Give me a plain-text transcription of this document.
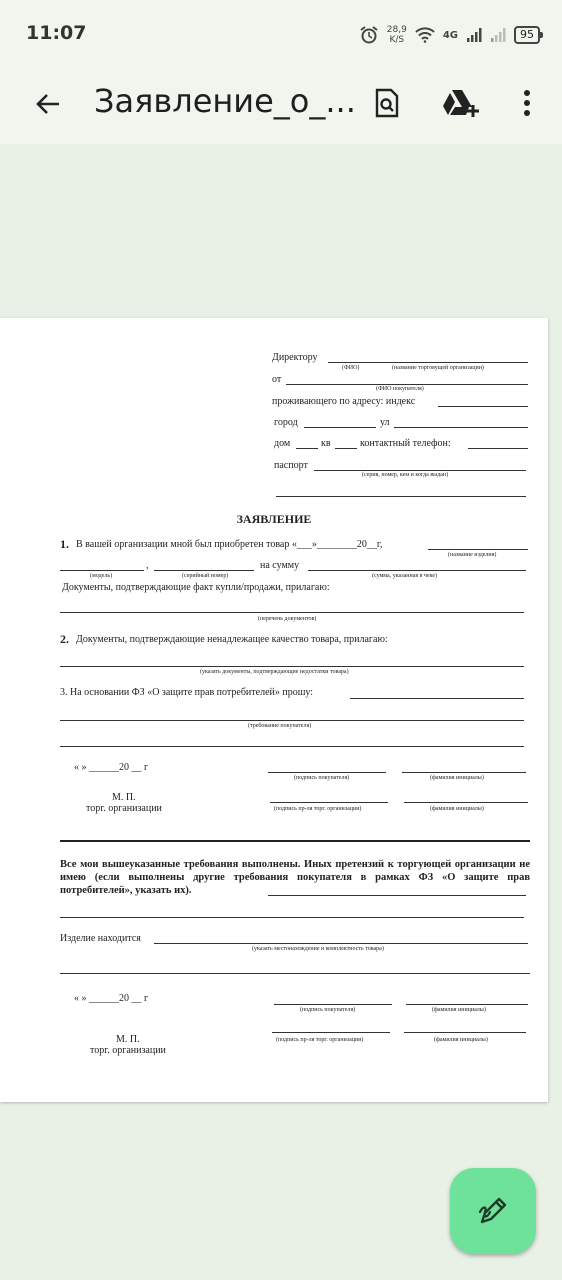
11:07	28,9
K/S	4G	95
Заявление_о_...
Директору
(ФИО)	(название торговущей организации)
от
(ФИО покупателя)
проживающего по адресу: индекс
город	ул
дом	кв	контактный телефон:
паспорт
(серия, номер, кем и когда выдан)
ЗАЯВЛЕНИЕ
1. В вашей организации мной был приобретен товар «___»________20__г,
(название изделия)
,	на сумму
(модель)	(серийный номер)	(сумма, указанная в чеке)
Документы, подтверждающие факт купли/продажи, прилагаю:
(перечень документов)
2. Документы, подтверждающие ненадлежащее качество товара, прилагаю:
(указать документы, подтверждающие недостатки товара)
3. На основании ФЗ «О защите прав потребителей» прошу:
(требование покупателя)
« » ______20 __ г
(подпись покупателя)	(фамилия инициалы)
М. П.
торг. организации	(подпись пр-ля торг. организации)	(фамилия инициалы)
Все мои вышеуказанные требования выполнены. Иных претензий к торгующей организации не имею (если выполнены другие требования покупателя в рамках ФЗ «О защите прав потребителей», указать их).
Изделие находится
(указать местонахождение и комплектность товара)
« » ______20 __ г
(подпись покупателя)	(фамилия инициалы)
М. П.	(подпись пр-ля торг. организации)	(фамилия инициалы)
торг. организации
